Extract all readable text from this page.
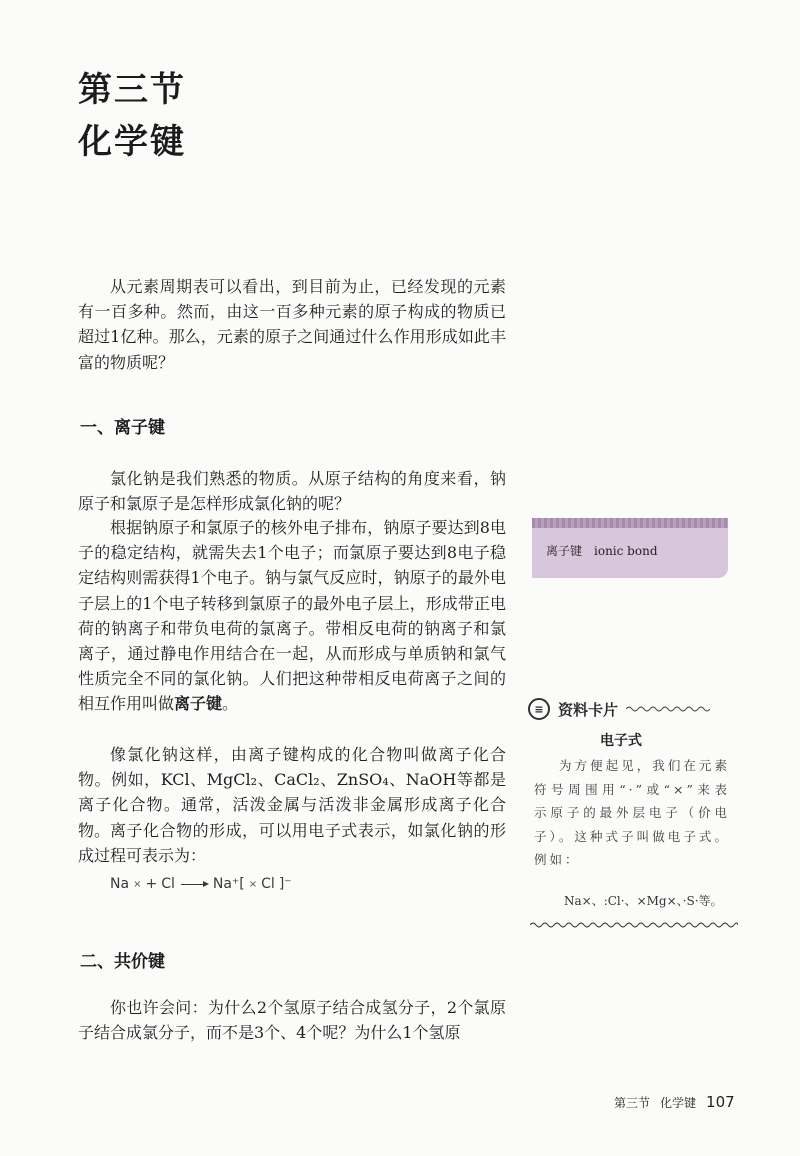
第三节
化学键

从元素周期表可以看出，到目前为止，已经发现的元素有一百多种。然而，由这一百多种元素的原子构成的物质已超过1亿种。那么，元素的原子之间通过什么作用形成如此丰富的物质呢？

一、离子键

氯化钠是我们熟悉的物质。从原子结构的角度来看，钠原子和氯原子是怎样形成氯化钠的呢？

根据钠原子和氯原子的核外电子排布，钠原子要达到8电子的稳定结构，就需失去1个电子；而氯原子要达到8电子稳定结构则需获得1个电子。钠与氯气反应时，钠原子的最外电子层上的1个电子转移到氯原子的最外电子层上，形成带正电荷的钠离子和带负电荷的氯离子。带相反电荷的钠离子和氯离子，通过静电作用结合在一起，从而形成与单质钠和氯气性质完全不同的氯化钠。人们把这种带相反电荷离子之间的相互作用叫做离子键。

像氯化钠这样，由离子键构成的化合物叫做离子化合物。例如，KCl、MgCl₂、CaCl₂、ZnSO₄、NaOH等都是离子化合物。通常，活泼金属与活泼非金属形成离子化合物。 离子化合物的形成，可以用电子式表示，如氯化钠的形成过程可表示为：

Na × + Cl	Na⁺[ × Cl ]⁻
二、共价键

你也许会问：为什么2个氢原子结合成氢分子，2个氯原子结合成氯分子，而不是3个、4个呢？为什么1个氢原

离子键 ionic bond
≡ 资料卡片
电子式

为方便起见，我们在元素符号周围用“·”或“×”来表示原子的最外层电子（价电子）。这种式子叫做电子式。例如：

Na×、:Cl·、×Mg×、·S·等。
第三节 化学键 107
